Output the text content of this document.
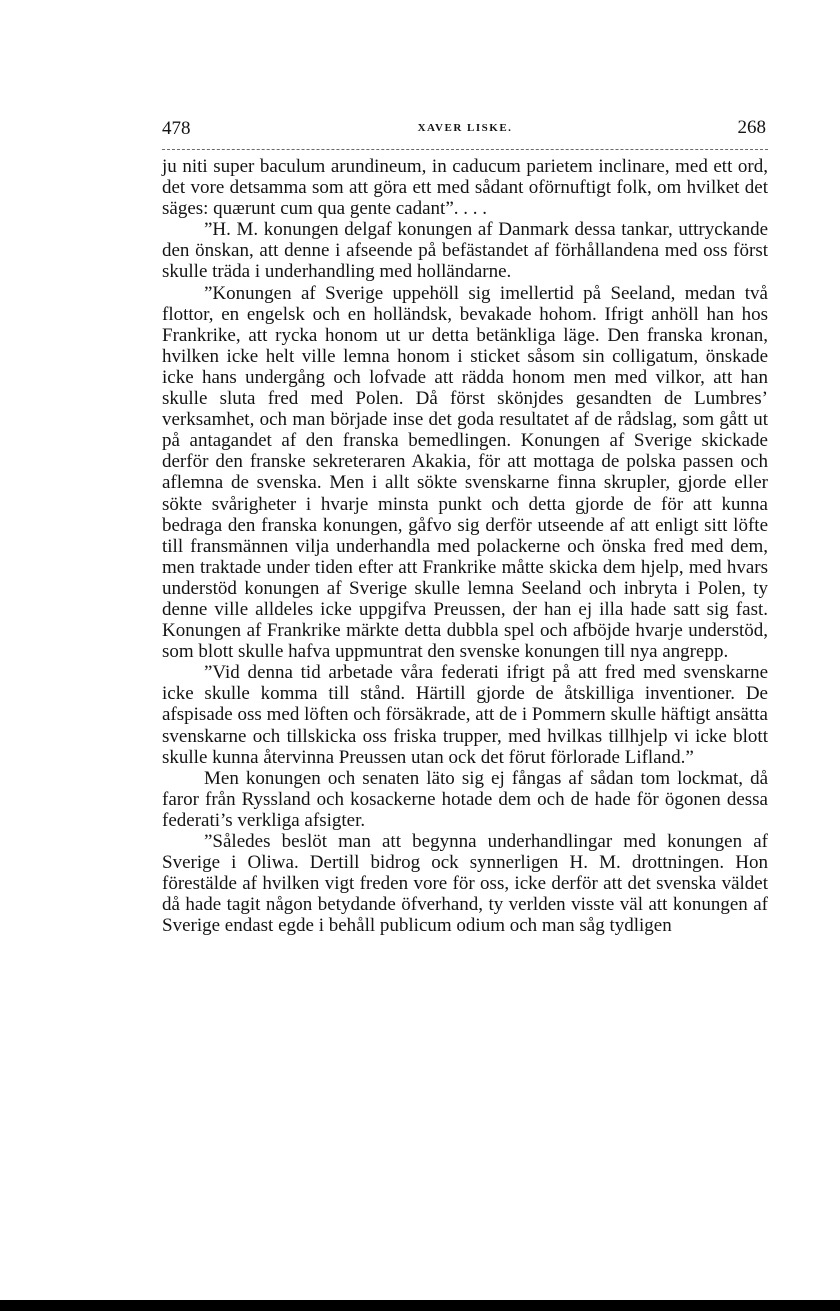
478	XAVER LISKE.	268

ju niti super baculum arundineum, in caducum parietem inclinare, med ett ord, det vore detsamma som att göra ett med sådant oförnuftigt folk, om hvilket det säges: quærunt cum qua gente cadant”. . . .

”H. M. konungen delgaf konungen af Danmark dessa tankar, uttryckande den önskan, att denne i afseende på befästandet af förhållandena med oss först skulle träda i underhandling med holländarne.

”Konungen af Sverige uppehöll sig imellertid på Seeland, medan två flottor, en engelsk och en holländsk, bevakade hohom. Ifrigt anhöll han hos Frankrike, att rycka honom ut ur detta betänkliga läge. Den franska kronan, hvilken icke helt ville lemna honom i sticket såsom sin colligatum, önskade icke hans undergång och lofvade att rädda honom men med vilkor, att han skulle sluta fred med Polen. Då först skönjdes gesandten de Lumbres’ verksamhet, och man började inse det goda resultatet af de rådslag, som gått ut på antagandet af den franska bemedlingen. Konungen af Sverige skickade derför den franske sekreteraren Akakia, för att mottaga de polska passen och aflemna de svenska. Men i allt sökte svenskarne finna skrupler, gjorde eller sökte svårigheter i hvarje minsta punkt och detta gjorde de för att kunna bedraga den franska konungen, gåfvo sig derför utseende af att enligt sitt löfte till fransmännen vilja underhandla med polackerne och önska fred med dem, men traktade under tiden efter att Frankrike måtte skicka dem hjelp, med hvars understöd konungen af Sverige skulle lemna Seeland och inbryta i Polen, ty denne ville alldeles icke uppgifva Preussen, der han ej illa hade satt sig fast. Konungen af Frankrike märkte detta dubbla spel och afböjde hvarje understöd, som blott skulle hafva uppmuntrat den svenske konungen till nya angrepp.

”Vid denna tid arbetade våra federati ifrigt på att fred med svenskarne icke skulle komma till stånd. Härtill gjorde de åtskilliga inventioner. De afspisade oss med löften och försäkrade, att de i Pommern skulle häftigt ansätta svenskarne och tillskicka oss friska trupper, med hvilkas tillhjelp vi icke blott skulle kunna återvinna Preussen utan ock det förut förlorade Lifland.”

Men konungen och senaten läto sig ej fångas af sådan tom lockmat, då faror från Ryssland och kosackerne hotade dem och de hade för ögonen dessa federati’s verkliga afsigter.

”Således beslöt man att begynna underhandlingar med konungen af Sverige i Oliwa. Dertill bidrog ock synnerligen H. M. drottningen. Hon förestälde af hvilken vigt freden vore för oss, icke derför att det svenska väldet då hade tagit någon betydande öfverhand, ty verlden visste väl att konungen af Sverige endast egde i behåll publicum odium och man såg tydligen
